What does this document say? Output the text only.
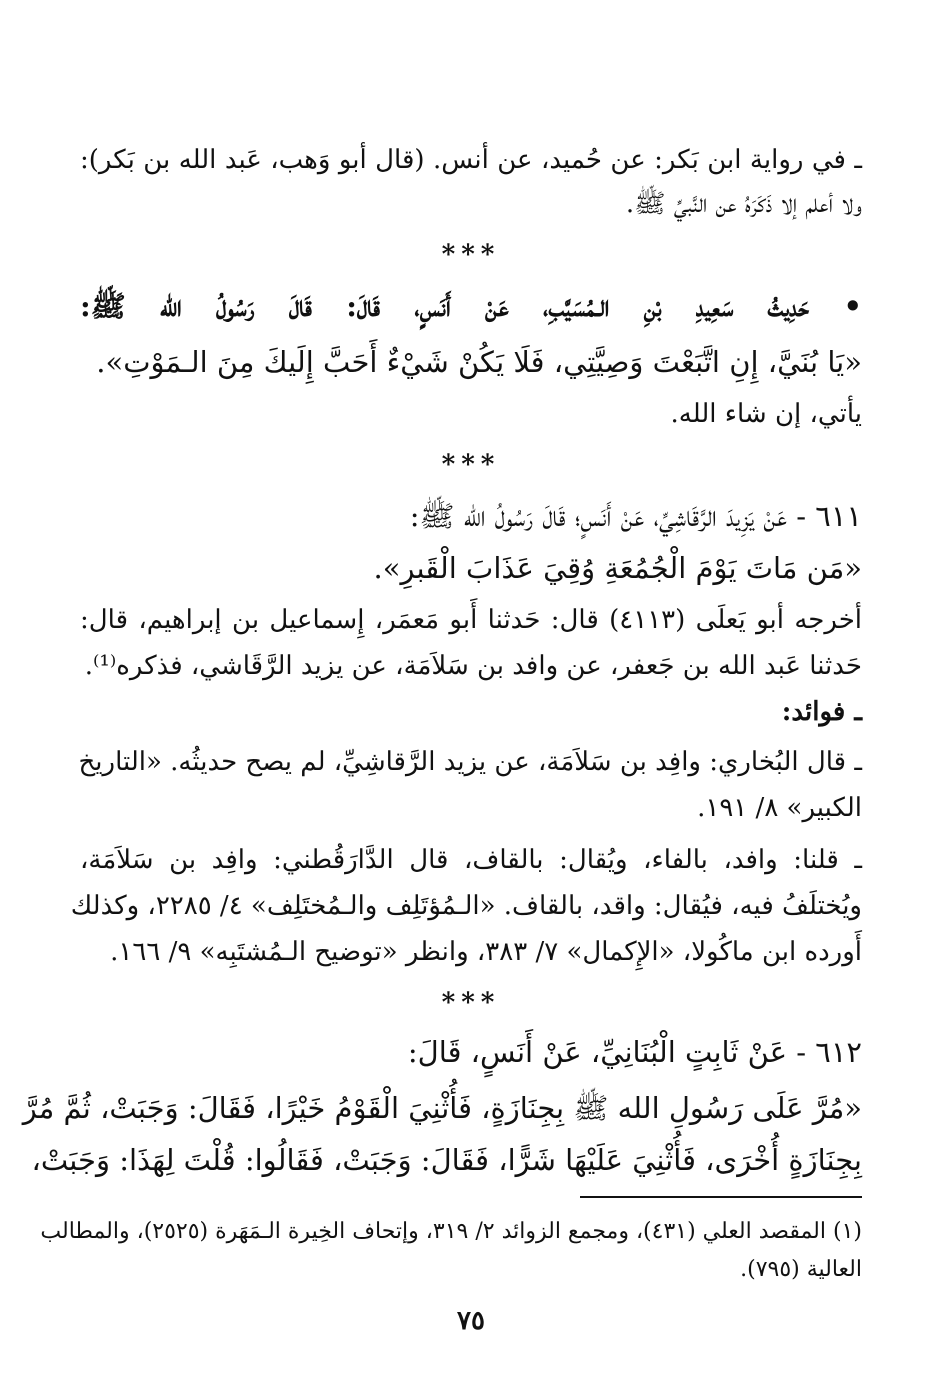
ـ في رواية ابن بَكر: عن حُميد، عن أنس. (قال أبو وَهب، عَبد الله بن بَكر):
ولا أعلم إلا ذَكَرَهُ عن النَّبيِّ ﷺ.
***
• حَدِيثُ سَعِيدِ بْنِ الـمُسَيَّبِ، عَنْ أَنَسٍ، قَالَ: قَالَ رَسُولُ الله ﷺ:
«يَا بُنَيَّ، إِنِ اتَّبَعْتَ وَصِيَّتِي، فَلَا يَكُنْ شَيْءٌ أَحَبَّ إِلَيكَ مِنَ الـمَوْتِ».
يأتي، إن شاء الله.
***
٦١١ - عَنْ يَزِيدَ الرَّقَاشِيِّ، عَنْ أَنَسٍ؛ قَالَ رَسُولُ الله ﷺ:
«مَن مَاتَ يَوْمَ الْجُمُعَةِ وُقِيَ عَذَابَ الْقَبرِ».
أخرجه أبو يَعلَى (٤١١٣) قال: حَدثنا أَبو مَعمَر، إِسماعيل بن إبراهيم، قال:
حَدثنا عَبد الله بن جَعفر، عن وافد بن سَلاَمَة، عن يزيد الرَّقَاشي، فذكره⁽¹⁾.
ـ فوائد:
ـ قال البُخاري: وافِد بن سَلاَمَة، عن يزيد الرَّقاشِيِّ، لم يصح حديثُه. «التاريخ
الكبير» ٨/ ١٩١.
ـ قلنا: وافد، بالفاء، ويُقال: بالقاف، قال الدَّارَقُطني: وافِد بن سَلاَمَة،
ويُختلَفُ فيه، فيُقال: واقد، بالقاف. «الـمُؤتَلِف والـمُختَلِف» ٤/ ٢٢٨٥، وكذلك
أَورده ابن ماكُولا، «الإِكمال» ٧/ ٣٨٣، وانظر «توضيح الـمُشتَبِه» ٩/ ١٦٦.
***
٦١٢ - عَنْ ثَابِتٍ الْبُنَانِيِّ، عَنْ أَنَسٍ، قَالَ:
«مُرَّ عَلَى رَسُولِ الله ﷺ بِجِنَازَةٍ، فَأُثْنِيَ الْقَوْمُ خَيْرًا، فَقَالَ: وَجَبَتْ، ثُمَّ مُرَّ
بِجِنَازَةٍ أُخْرَى، فَأُثْنِيَ عَلَيْهَا شَرًّا، فَقَالَ: وَجَبَتْ، فَقَالُوا: قُلْتَ لِهَذَا: وَجَبَتْ،
(١) المقصد العلي (٤٣١)، ومجمع الزوائد ٢/ ٣١٩، وإتحاف الخِيرة الـمَهَرة (٢٥٢٥)، والمطالب
العالية (٧٩٥).
٧٥
